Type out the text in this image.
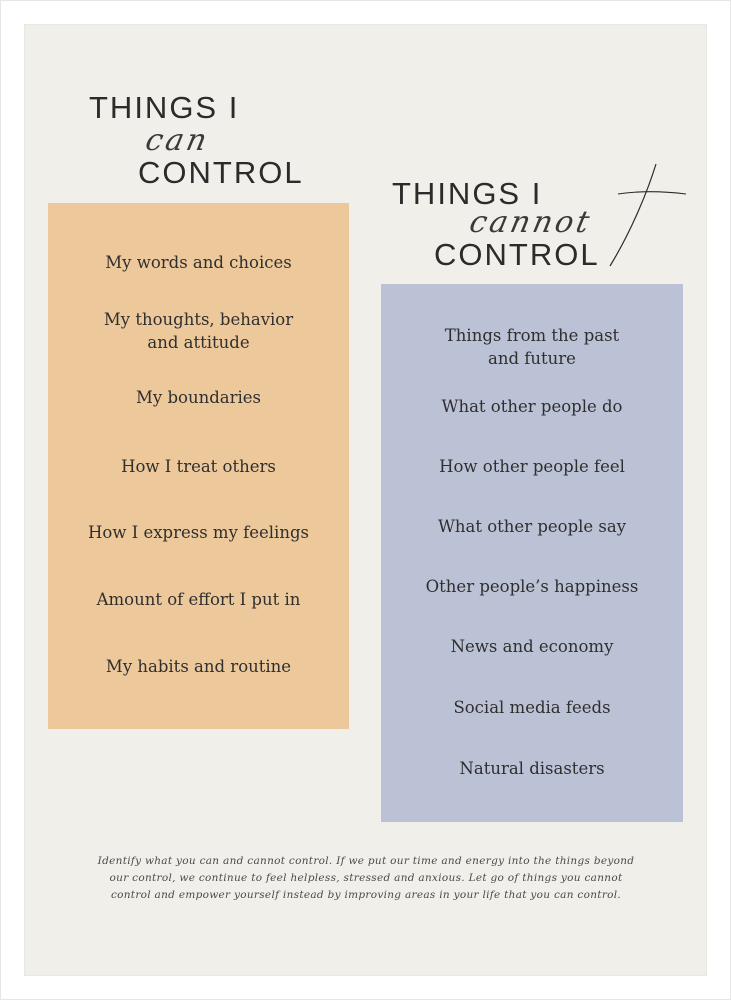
THINGS I
can
CONTROL
THINGS I
cannot
CONTROL
My words and choices
My thoughts, behavior
and attitude
My boundaries
How I treat others
How I express my feelings
Amount of effort I put in
My habits and routine
Things from the past
and future
What other people do
How other people feel
What other people say
Other people’s happiness
News and economy
Social media feeds
Natural disasters
Identify what you can and cannot control. If we put our time and energy into the things beyond our control, we continue to feel helpless, stressed and anxious. Let go of things you cannot control and empower yourself instead by improving areas in your life that you can control.
